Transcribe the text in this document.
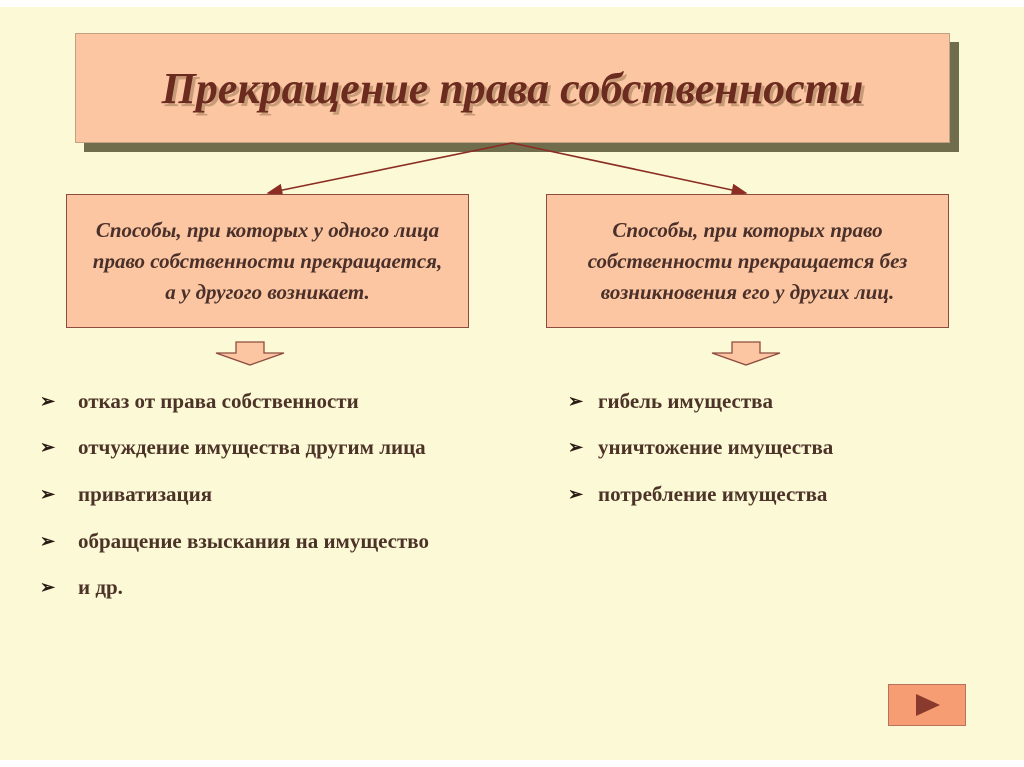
Прекращение права собственности
Способы, при которых у одного лица право собственности прекращается, а у другого возникает.
Способы, при которых право собственности прекращается без возникновения его у других лиц.
➢ отказ от права собственности
➢ отчуждение имущества другим лица
➢ приватизация
➢ обращение взыскания на имущество
➢ и др.
➢ гибель имущества
➢ уничтожение имущества
➢ потребление имущества
